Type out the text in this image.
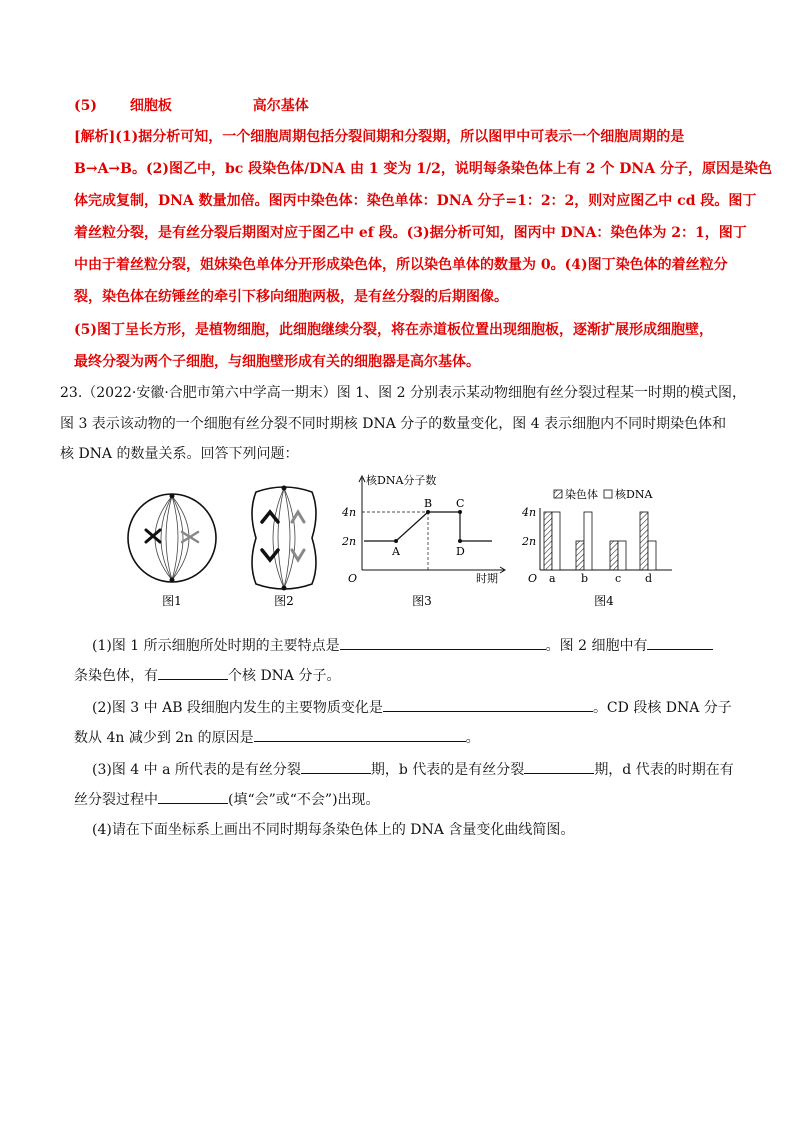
(5) 细胞板	高尔基体
[解析](1)据分析可知，一个细胞周期包括分裂间期和分裂期，所以图甲中可表示一个细胞周期的是
B→A→B。(2)图乙中，bc 段染色体/DNA 由 1 变为 1/2，说明每条染色体上有 2 个 DNA 分子，原因是染色
体完成复制，DNA 数量加倍。图丙中染色体：染色单体：DNA 分子=1：2：2，则对应图乙中 cd 段。图丁
着丝粒分裂，是有丝分裂后期图对应于图乙中 ef 段。(3)据分析可知，图丙中 DNA：染色体为 2：1，图丁
中由于着丝粒分裂，姐妹染色单体分开形成染色体，所以染色单体的数量为 0。(4)图丁染色体的着丝粒分
裂，染色体在纺锤丝的牵引下移向细胞两极，是有丝分裂的后期图像。
(5)图丁呈长方形，是植物细胞，此细胞继续分裂，将在赤道板位置出现细胞板，逐渐扩展形成细胞壁，
最终分裂为两个子细胞，与细胞壁形成有关的细胞器是高尔基体。
23.（2022·安徽·合肥市第六中学高一期末）图 1、图 2 分别表示某动物细胞有丝分裂过程某一时期的模式图，
图 3 表示该动物的一个细胞有丝分裂不同时期核 DNA 分子的数量变化，图 4 表示细胞内不同时期染色体和
核 DNA 的数量关系。回答下列问题：
图1	图2
核DNA分子数
时期
O
2n
4n
A
B C
D
图3
O
2n
4n
染色体 核DNA
a b c d
图4
(1)图 1 所示细胞所处时期的主要特点是	。图 2 细胞中有
条染色体，有	个核 DNA 分子。
(2)图 3 中 AB 段细胞内发生的主要物质变化是	。CD 段核 DNA 分子
数从 4n 减少到 2n 的原因是	。
(3)图 4 中 a 所代表的是有丝分裂	期，b 代表的是有丝分裂	期，d 代表的时期在有
丝分裂过程中	(填“会”或“不会”)出现。
(4)请在下面坐标系上画出不同时期每条染色体上的 DNA 含量变化曲线简图。
